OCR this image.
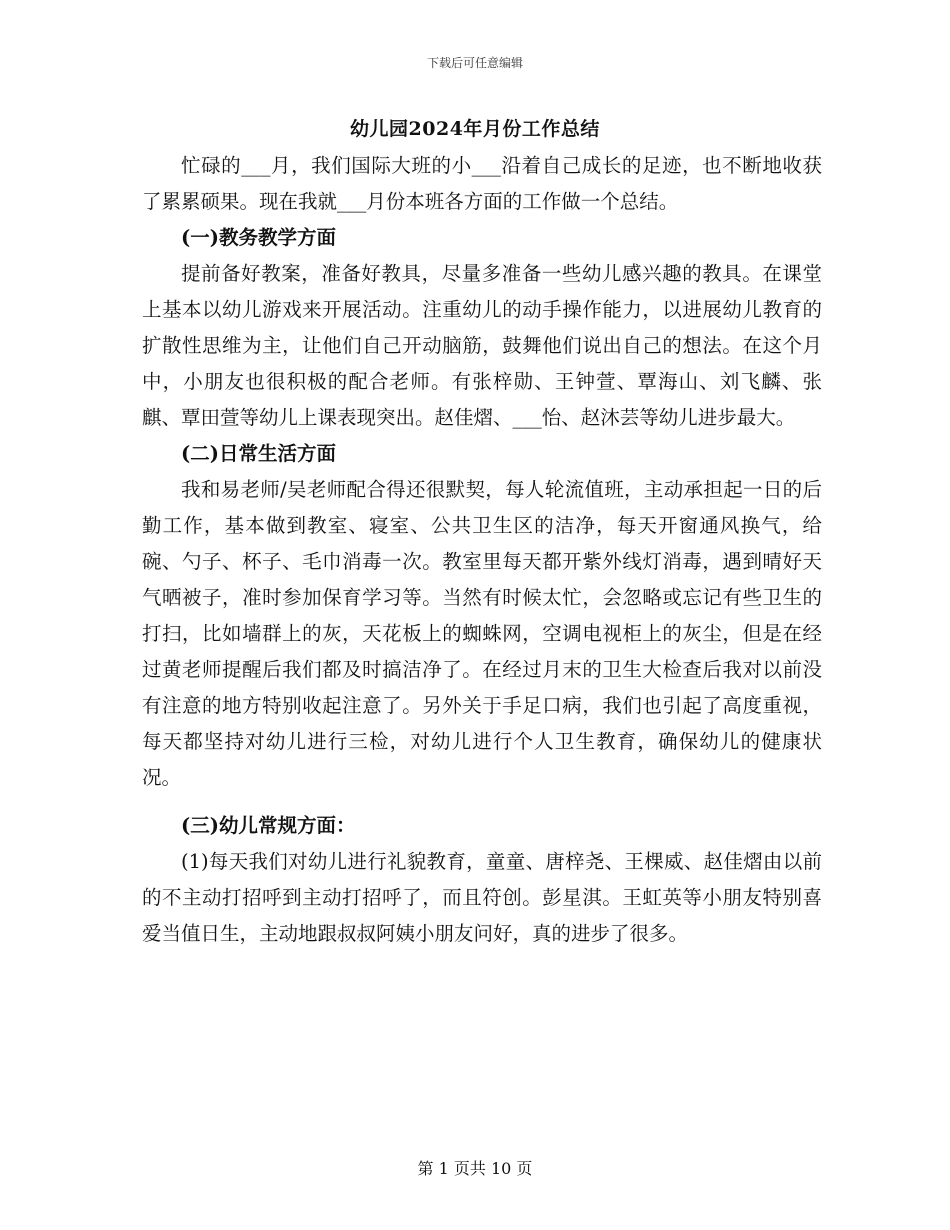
下载后可任意编辑
幼儿园2024年月份工作总结

忙碌的___月，我们国际大班的小___沿着自己成长的足迹，也不断地收获了累累硕果。现在我就___月份本班各方面的工作做一个总结。

(一)教务教学方面

提前备好教案，准备好教具，尽量多准备一些幼儿感兴趣的教具。在课堂上基本以幼儿游戏来开展活动。注重幼儿的动手操作能力，以进展幼儿教育的扩散性思维为主，让他们自己开动脑筋，鼓舞他们说出自己的想法。在这个月中，小朋友也很积极的配合老师。有张梓勋、王钟萱、覃海山、刘飞麟、张麒、覃田萱等幼儿上课表现突出。赵佳熠、___怡、赵沐芸等幼儿进步最大。

(二)日常生活方面

我和易老师/吴老师配合得还很默契，每人轮流值班，主动承担起一日的后勤工作，基本做到教室、寝室、公共卫生区的洁净，每天开窗通风换气，给碗、勺子、杯子、毛巾消毒一次。教室里每天都开紫外线灯消毒，遇到晴好天气晒被子，准时参加保育学习等。当然有时候太忙，会忽略或忘记有些卫生的打扫，比如墙群上的灰，天花板上的蜘蛛网，空调电视柜上的灰尘，但是在经过黄老师提醒后我们都及时搞洁净了。在经过月末的卫生大检查后我对以前没有注意的地方特别收起注意了。另外关于手足口病，我们也引起了高度重视，每天都坚持对幼儿进行三检，对幼儿进行个人卫生教育，确保幼儿的健康状况。

(三)幼儿常规方面：

(1)每天我们对幼儿进行礼貌教育，童童、唐梓尧、王棵威、赵佳熠由以前的不主动打招呼到主动打招呼了，而且符创。彭星淇。王虹英等小朋友特别喜爱当值日生，主动地跟叔叔阿姨小朋友问好，真的进步了很多。

第 1 页共 10 页
